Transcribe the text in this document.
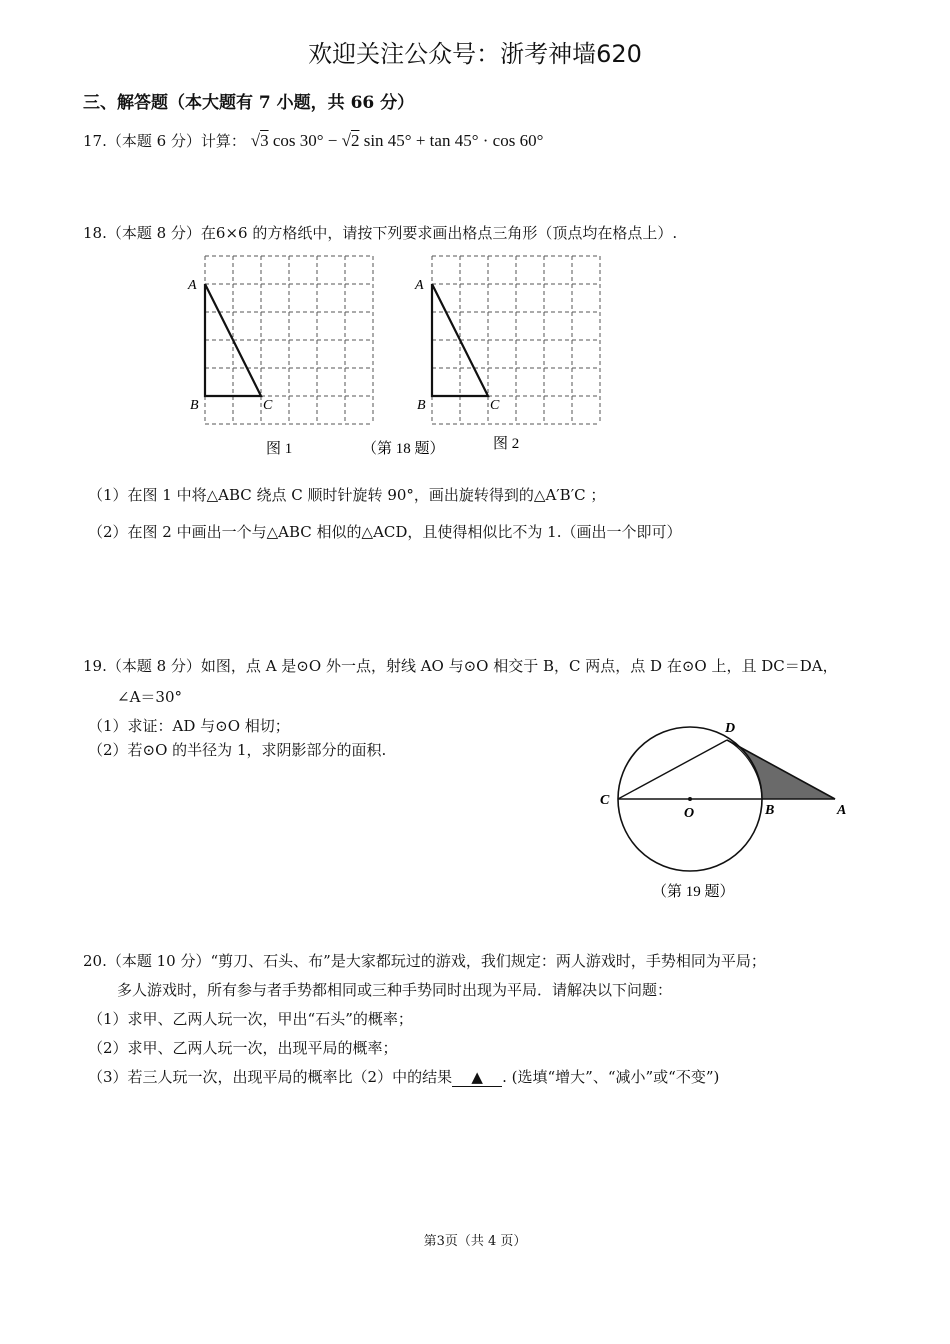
欢迎关注公众号：浙考神墙620
三、解答题（本大题有 7 小题，共 66 分）
17.（本题 6 分）计算： √3 cos 30° − √2 sin 45° + tan 45° · cos 60°
18.（本题 8 分）在6×6 的方格纸中，请按下列要求画出格点三角形（顶点均在格点上）.
A
B	C
A
B	C
图 1	（第 18 题）	图 2
（1）在图 1 中将△ABC 绕点 C 顺时针旋转 90°，画出旋转得到的△A′B′C ；
（2）在图 2 中画出一个与△ABC 相似的△ACD，且使得相似比不为 1.（画出一个即可）
19.（本题 8 分）如图，点 A 是⊙O 外一点，射线 AO 与⊙O 相交于 B，C 两点，点 D 在⊙O 上，且 DC＝DA，
∠A＝30°
（1）求证：AD 与⊙O 相切；
（2）若⊙O 的半径为 1，求阴影部分的面积.
C
O	B	A
D
（第 19 题）
20.（本题 10 分）“剪刀、石头、布”是大家都玩过的游戏，我们规定：两人游戏时，手势相同为平局；
多人游戏时，所有参与者手势都相同或三种手势同时出现为平局．请解决以下问题：
（1）求甲、乙两人玩一次，甲出“石头”的概率；
（2）求甲、乙两人玩一次，出现平局的概率；
（3）若三人玩一次，出现平局的概率比（2）中的结果 ▲ . (选填“增大”、“减小”或“不变”)
第3页（共 4 页）
